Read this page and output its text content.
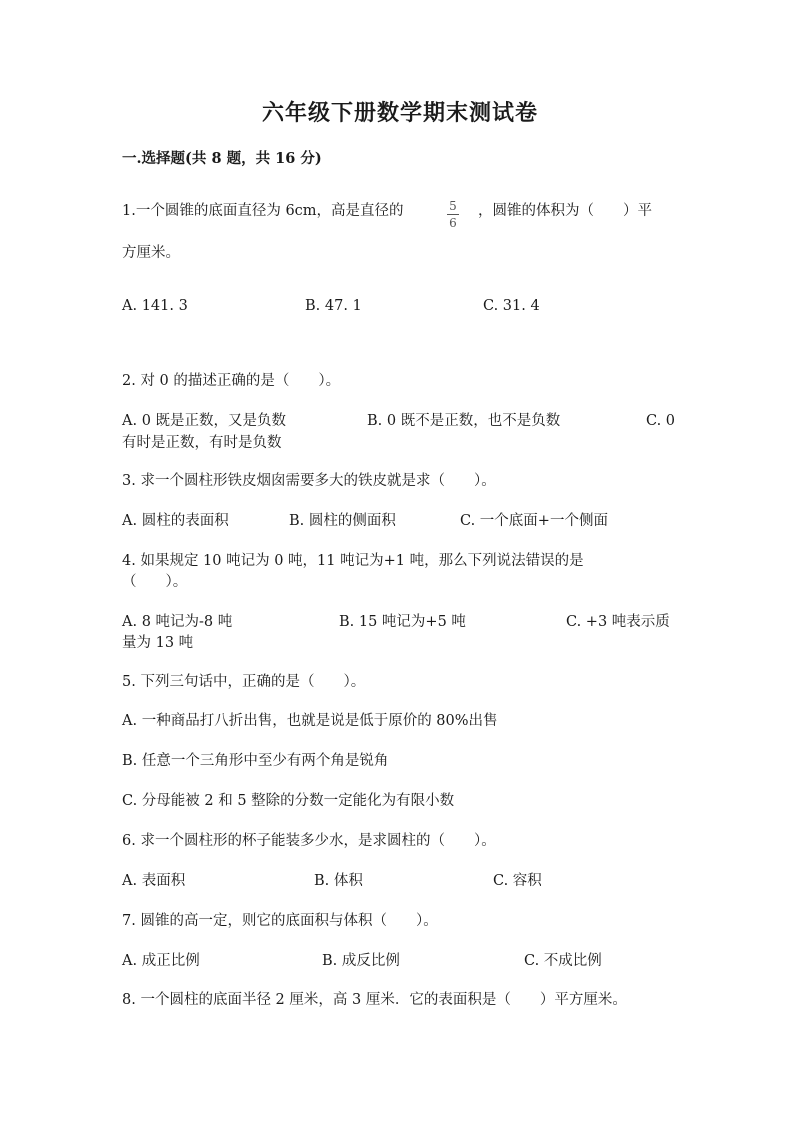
六年级下册数学期末测试卷
一.选择题(共 8 题，共 16 分)
1.一个圆锥的底面直径为 6cm，高是直径的	5
6
，圆锥的体积为（　　）平
方厘米。
A. 141. 3	B. 47. 1	C. 31. 4
2. 对 0 的描述正确的是（　　）。
A. 0 既是正数，又是负数	B. 0 既不是正数，也不是负数	C. 0
有时是正数，有时是负数
3. 求一个圆柱形铁皮烟囱需要多大的铁皮就是求（　　）。
A. 圆柱的表面积	B. 圆柱的侧面积	C. 一个底面+一个侧面
4. 如果规定 10 吨记为 0 吨，11 吨记为+1 吨，那么下列说法错误的是
（　　）。
A. 8 吨记为-8 吨	B. 15 吨记为+5 吨	C. +3 吨表示质
量为 13 吨
5. 下列三句话中，正确的是（　　）。
A. 一种商品打八折出售，也就是说是低于原价的 80%出售
B. 任意一个三角形中至少有两个角是锐角
C. 分母能被 2 和 5 整除的分数一定能化为有限小数
6. 求一个圆柱形的杯子能装多少水，是求圆柱的（　　）。
A. 表面积	B. 体积	C. 容积
7. 圆锥的高一定，则它的底面积与体积（　　）。
A. 成正比例	B. 成反比例	C. 不成比例
8. 一个圆柱的底面半径 2 厘米，高 3 厘米．它的表面积是（　　）平方厘米。
